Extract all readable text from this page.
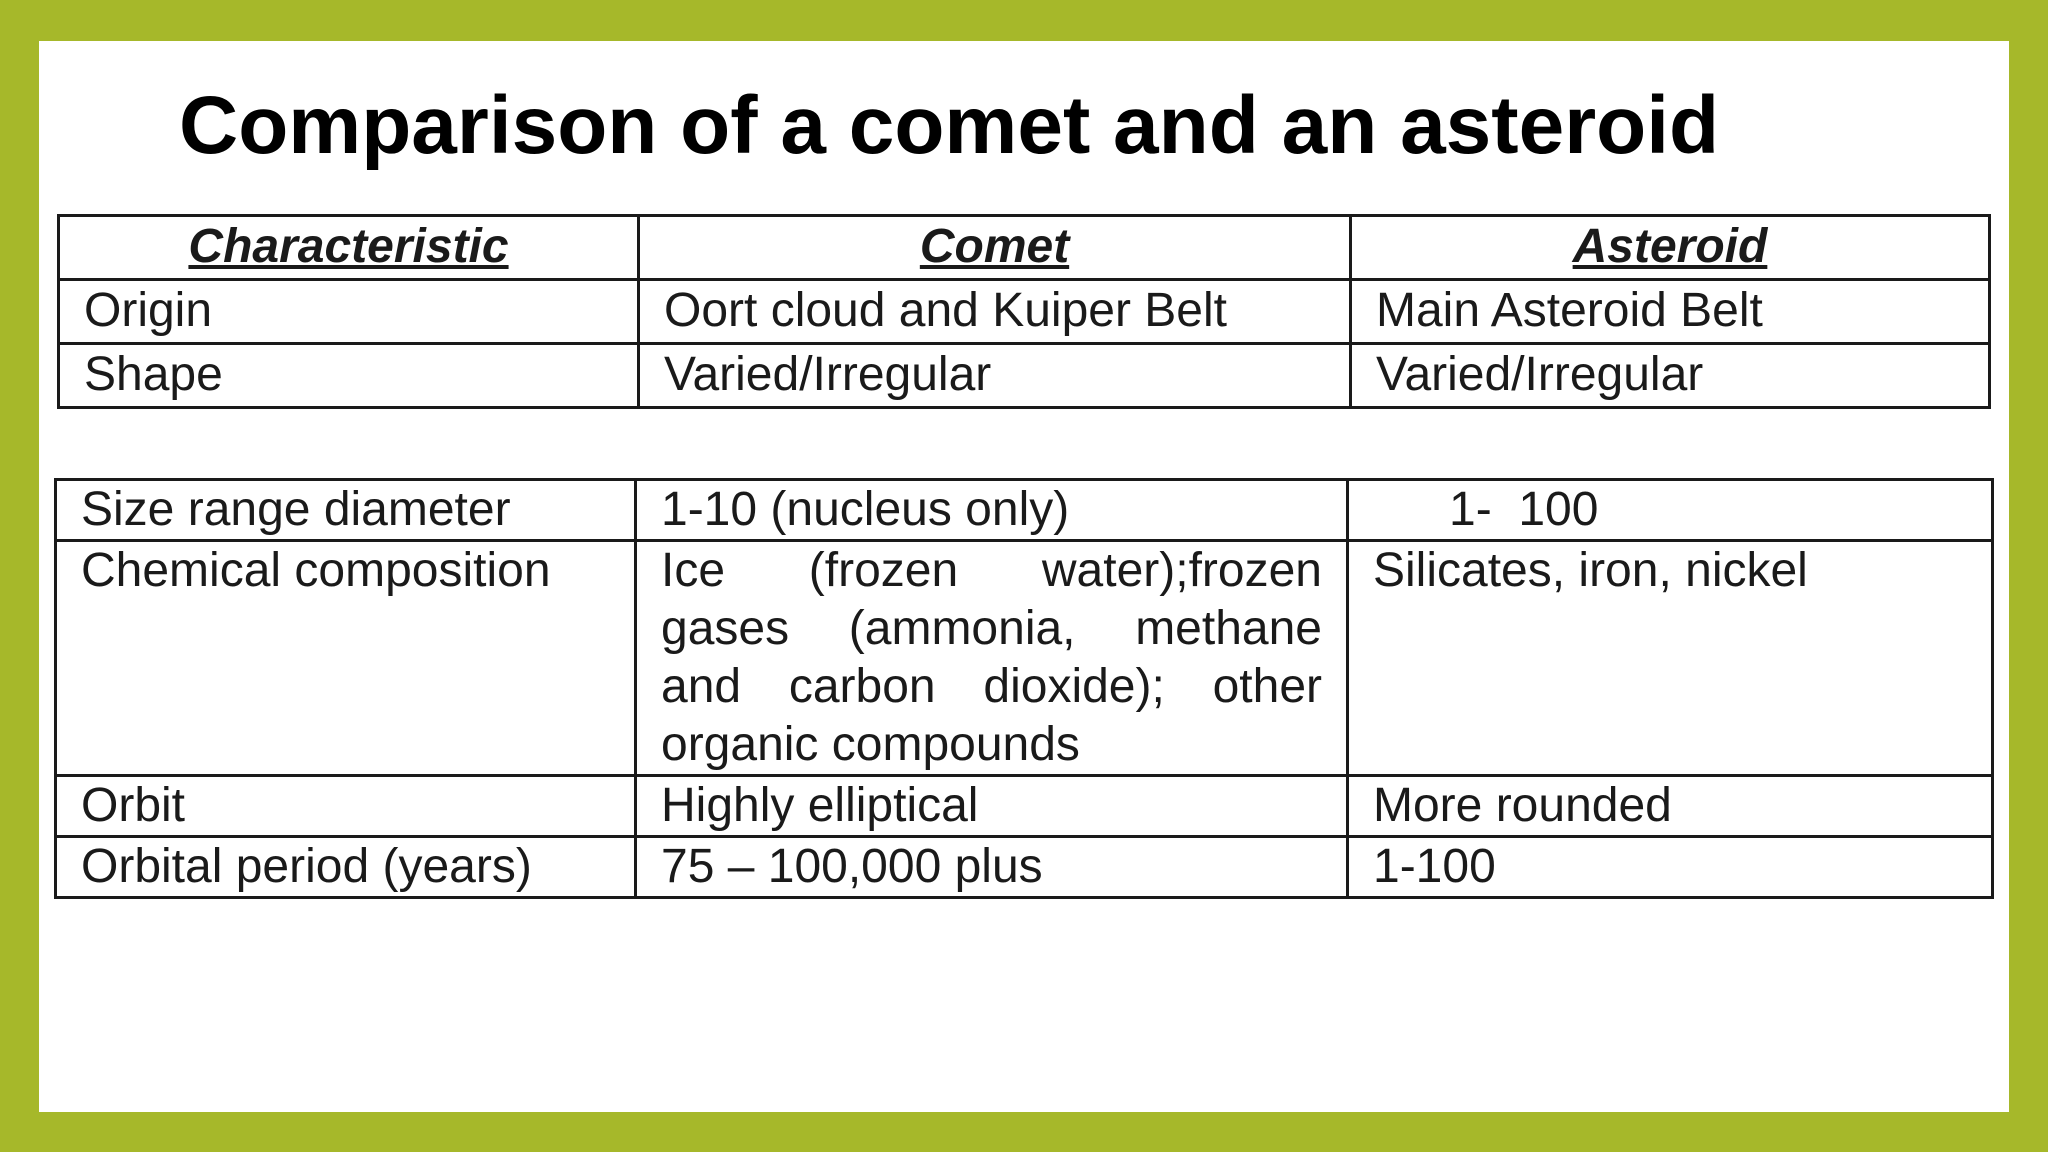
Comparison of a comet and an asteroid
Characteristic	Comet	Asteroid
Origin	Oort cloud and Kuiper Belt	Main Asteroid Belt
Shape	Varied/Irregular	Varied/Irregular
Size range diameter	1-10 (nucleus only)	1-  100
Chemical composition	Ice (frozen water);frozen gases (ammonia, methane and carbon dioxide); other organic compounds	Silicates, iron, nickel
Orbit	Highly elliptical	More rounded
Orbital period (years)	75 – 100,000 plus	1-100
